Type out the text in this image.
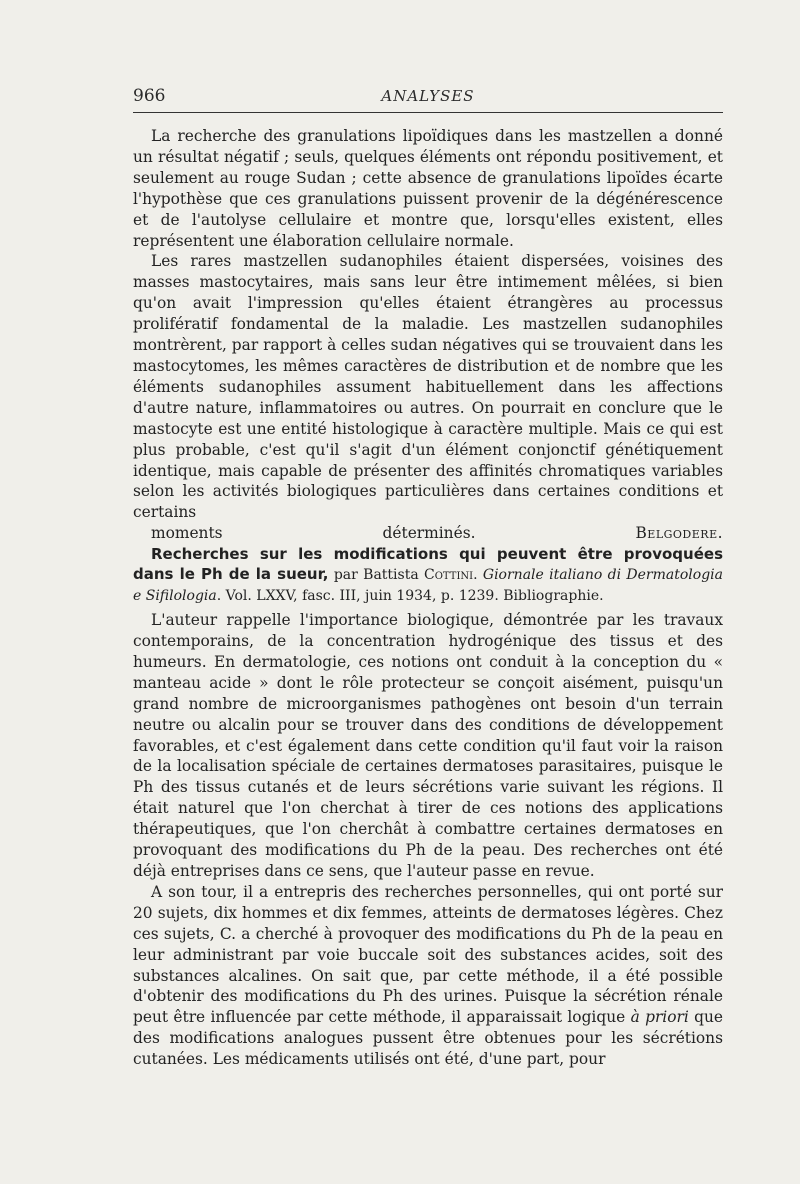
966	ANALYSES

La recherche des granulations lipoïdiques dans les mastzellen a donné un résultat négatif ; seuls, quelques éléments ont répondu positivement, et seulement au rouge Sudan ; cette absence de granulations lipoïdes écarte l'hypothèse que ces granulations puissent provenir de la dégénérescence et de l'autolyse cellulaire et montre que, lorsqu'elles existent, elles représentent une élaboration cellulaire normale.

Les rares mastzellen sudanophiles étaient dispersées, voisines des masses mastocytaires, mais sans leur être intimement mêlées, si bien qu'on avait l'impression qu'elles étaient étrangères au processus prolifératif fondamental de la maladie. Les mastzellen sudanophiles montrèrent, par rapport à celles sudan négatives qui se trouvaient dans les mastocytomes, les mêmes caractères de distribution et de nombre que les éléments sudanophiles assument habituellement dans les affections d'autre nature, inflammatoires ou autres. On pourrait en conclure que le mastocyte est une entité histologique à caractère multiple. Mais ce qui est plus probable, c'est qu'il s'agit d'un élément conjonctif génétiquement identique, mais capable de présenter des affinités chromatiques variables selon les activités biologiques particulières dans certaines conditions et certains

moments déterminés.	Belgodere.

Recherches sur les modifications qui peuvent être provoquées dans le Ph de la sueur, par Battista Cottini. Giornale italiano di Dermatologia e Sifilologia. Vol. LXXV, fasc. III, juin 1934, p. 1239. Bibliographie.

L'auteur rappelle l'importance biologique, démontrée par les travaux contemporains, de la concentration hydrogénique des tissus et des humeurs. En dermatologie, ces notions ont conduit à la conception du « manteau acide » dont le rôle protecteur se conçoit aisément, puisqu'un grand nombre de microorganismes pathogènes ont besoin d'un terrain neutre ou alcalin pour se trouver dans des conditions de développement favorables, et c'est également dans cette condition qu'il faut voir la raison de la localisation spéciale de certaines dermatoses parasitaires, puisque le Ph des tissus cutanés et de leurs sécrétions varie suivant les régions. Il était naturel que l'on cherchat à tirer de ces notions des applications thérapeutiques, que l'on cherchât à combattre certaines dermatoses en provoquant des modifications du Ph de la peau. Des recherches ont été déjà entreprises dans ce sens, que l'auteur passe en revue.

A son tour, il a entrepris des recherches personnelles, qui ont porté sur 20 sujets, dix hommes et dix femmes, atteints de dermatoses légères. Chez ces sujets, C. a cherché à provoquer des modifications du Ph de la peau en leur administrant par voie buccale soit des substances acides, soit des substances alcalines. On sait que, par cette méthode, il a été possible d'obtenir des modifications du Ph des urines. Puisque la sécrétion rénale peut être influencée par cette méthode, il apparaissait logique à priori que des modifications analogues pussent être obtenues pour les sécrétions cutanées. Les médicaments utilisés ont été, d'une part, pour
